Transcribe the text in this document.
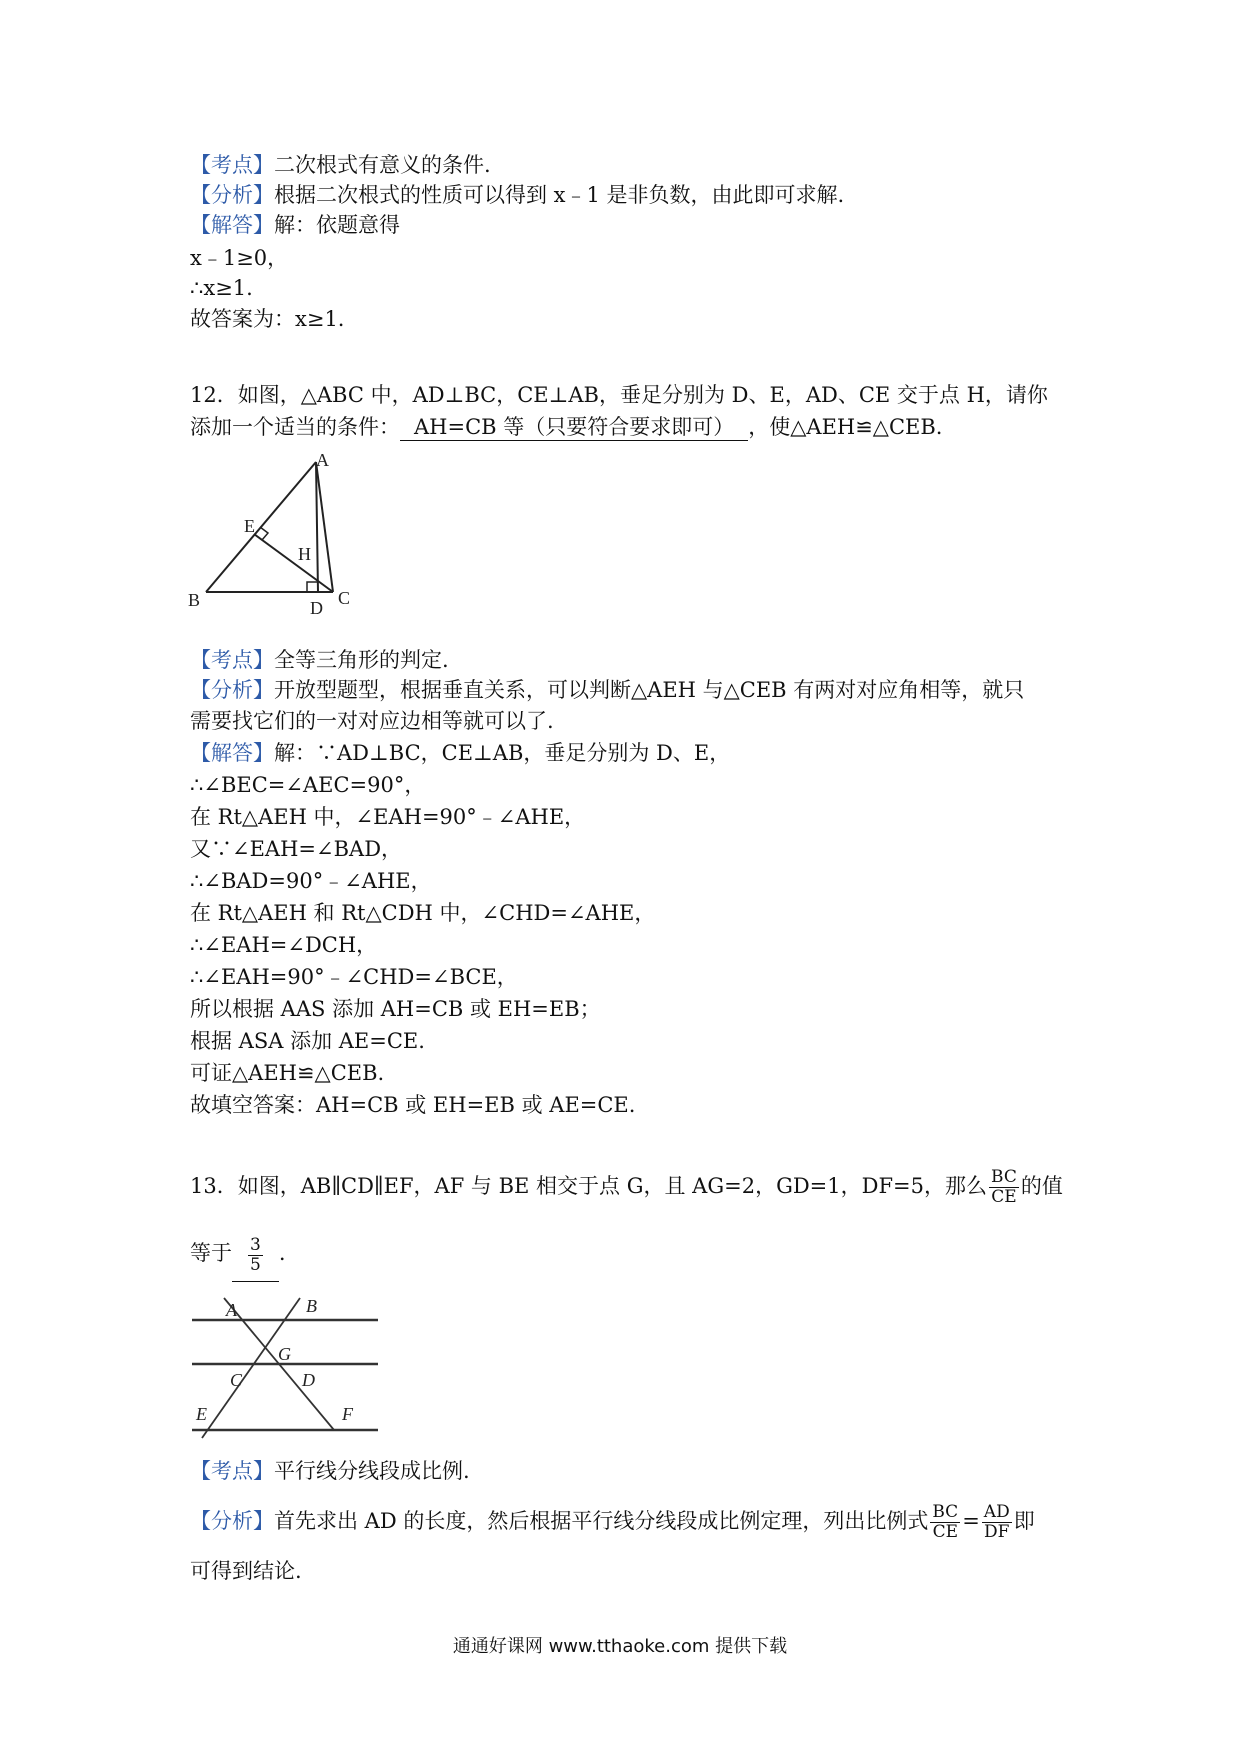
【考点】二次根式有意义的条件.
【分析】根据二次根式的性质可以得到 x﹣1 是非负数，由此即可求解.
【解答】解：依题意得
x﹣1≥0，
∴x≥1.
故答案为：x≥1.
12．如图，△ABC 中，AD⊥BC，CE⊥AB，垂足分别为 D、E，AD、CE 交于点 H，请你
添加一个适当的条件： AH=CB 等（只要符合要求即可） ，使△AEH≌△CEB.
A
B	C
D
E
H
【考点】全等三角形的判定.
【分析】开放型题型，根据垂直关系，可以判断△AEH 与△CEB 有两对对应角相等，就只
需要找它们的一对对应边相等就可以了.
【解答】解：∵AD⊥BC，CE⊥AB，垂足分别为 D、E，
∴∠BEC=∠AEC=90°，
在 Rt△AEH 中，∠EAH=90°﹣∠AHE，
又∵∠EAH=∠BAD，
∴∠BAD=90°﹣∠AHE，
在 Rt△AEH 和 Rt△CDH 中，∠CHD=∠AHE，
∴∠EAH=∠DCH，
∴∠EAH=90°﹣∠CHD=∠BCE，
所以根据 AAS 添加 AH=CB 或 EH=EB；
根据 ASA 添加 AE=CE.
可证△AEH≌△CEB.
故填空答案：AH=CB 或 EH=EB 或 AE=CE.
13．如图，AB∥CD∥EF，AF 与 BE 相交于点 G，且 AG=2，GD=1，DF=5，那么 $\frac{BC}{CE}$ 的值
等于 $\frac{3}{5}$ .
A	B
C	D
E	F
G
【考点】平行线分线段成比例.
【分析】首先求出 AD 的长度，然后根据平行线分线段成比例定理，列出比例式 $\frac{BC}{CE} = \frac{AD}{DF}$ 即
可得到结论.
通通好课网 www.tthaoke.com 提供下载
